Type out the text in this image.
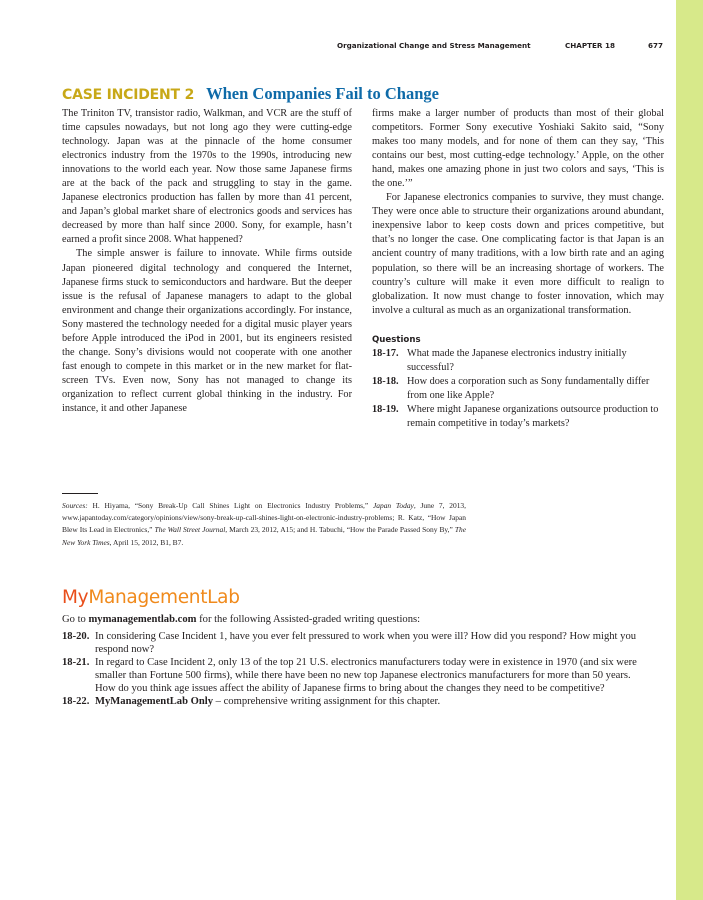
Organizational Change and Stress Management	CHAPTER 18	677
CASE INCIDENT 2 When Companies Fail to Change

The Triniton TV, transistor radio, Walkman, and VCR are the stuff of time capsules nowadays, but not long ago they were cutting-edge technology. Japan was at the pinnacle of the home consumer electronics industry from the 1970s to the 1990s, introducing new innovations to the world each year. Now those same Japanese firms are at the back of the pack and struggling to stay in the game. Japanese electronics production has fallen by more than 41 percent, and Japan’s global market share of electronics goods and services has decreased by more than half since 2000. Sony, for example, hasn’t earned a profit since 2008. What happened?

The simple answer is failure to innovate. While firms outside Japan pioneered digital technology and conquered the Internet, Japanese firms stuck to semiconductors and hardware. But the deeper issue is the refusal of Japanese managers to adapt to the global environment and change their organizations accordingly. For instance, Sony mastered the technology needed for a digital music player years before Apple introduced the iPod in 2001, but its engineers resisted the change. Sony’s divisions would not cooperate with one another fast enough to compete in this market or in the new market for flat-screen TVs. Even now, Sony has not managed to change its organization to reflect current global thinking in the industry. For instance, it and other Japanese

firms make a larger number of products than most of their global competitors. Former Sony executive Yoshiaki Sakito said, “Sony makes too many models, and for none of them can they say, ‘This contains our best, most cutting-edge technology.’ Apple, on the other hand, makes one amazing phone in just two colors and says, ‘This is the one.’”

For Japanese electronics companies to survive, they must change. They were once able to structure their organizations around abundant, inexpensive labor to keep costs down and prices competitive, but that’s no longer the case. One complicating factor is that Japan is an ancient country of many traditions, with a low birth rate and an aging population, so there will be an increasing shortage of workers. The country’s culture will make it even more difficult to realign to globalization. It now must change to foster innovation, which may involve a cultural as much as an organizational transformation.

Questions
18-17. What made the Japanese electronics industry initially successful?
18-18. How does a corporation such as Sony fundamentally differ from one like Apple?
18-19. Where might Japanese organizations outsource production to remain competitive in today’s markets?

Sources: H. Hiyama, “Sony Break-Up Call Shines Light on Electronics Industry Problems,” Japan Today, June 7, 2013, www.japantoday.com/category/opinions/view/sony-break-up-call-shines-light-on-electronic-industry-problems; R. Katz, “How Japan Blew Its Lead in Electronics,” The Wall Street Journal, March 23, 2012, A15; and H. Tabuchi, “How the Parade Passed Sony By,” The New York Times, April 15, 2012, B1, B7.

MyManagementLab

Go to mymanagementlab.com for the following Assisted-graded writing questions:

18-20. In considering Case Incident 1, have you ever felt pressured to work when you were ill? How did you respond? How might you respond now?
18-21. In regard to Case Incident 2, only 13 of the top 21 U.S. electronics manufacturers today were in existence in 1970 (and six were smaller than Fortune 500 firms), while there have been no new top Japanese electronics manufacturers for more than 50 years. How do you think age issues affect the ability of Japanese firms to bring about the changes they need to be competitive?
18-22. MyManagementLab Only – comprehensive writing assignment for this chapter.
